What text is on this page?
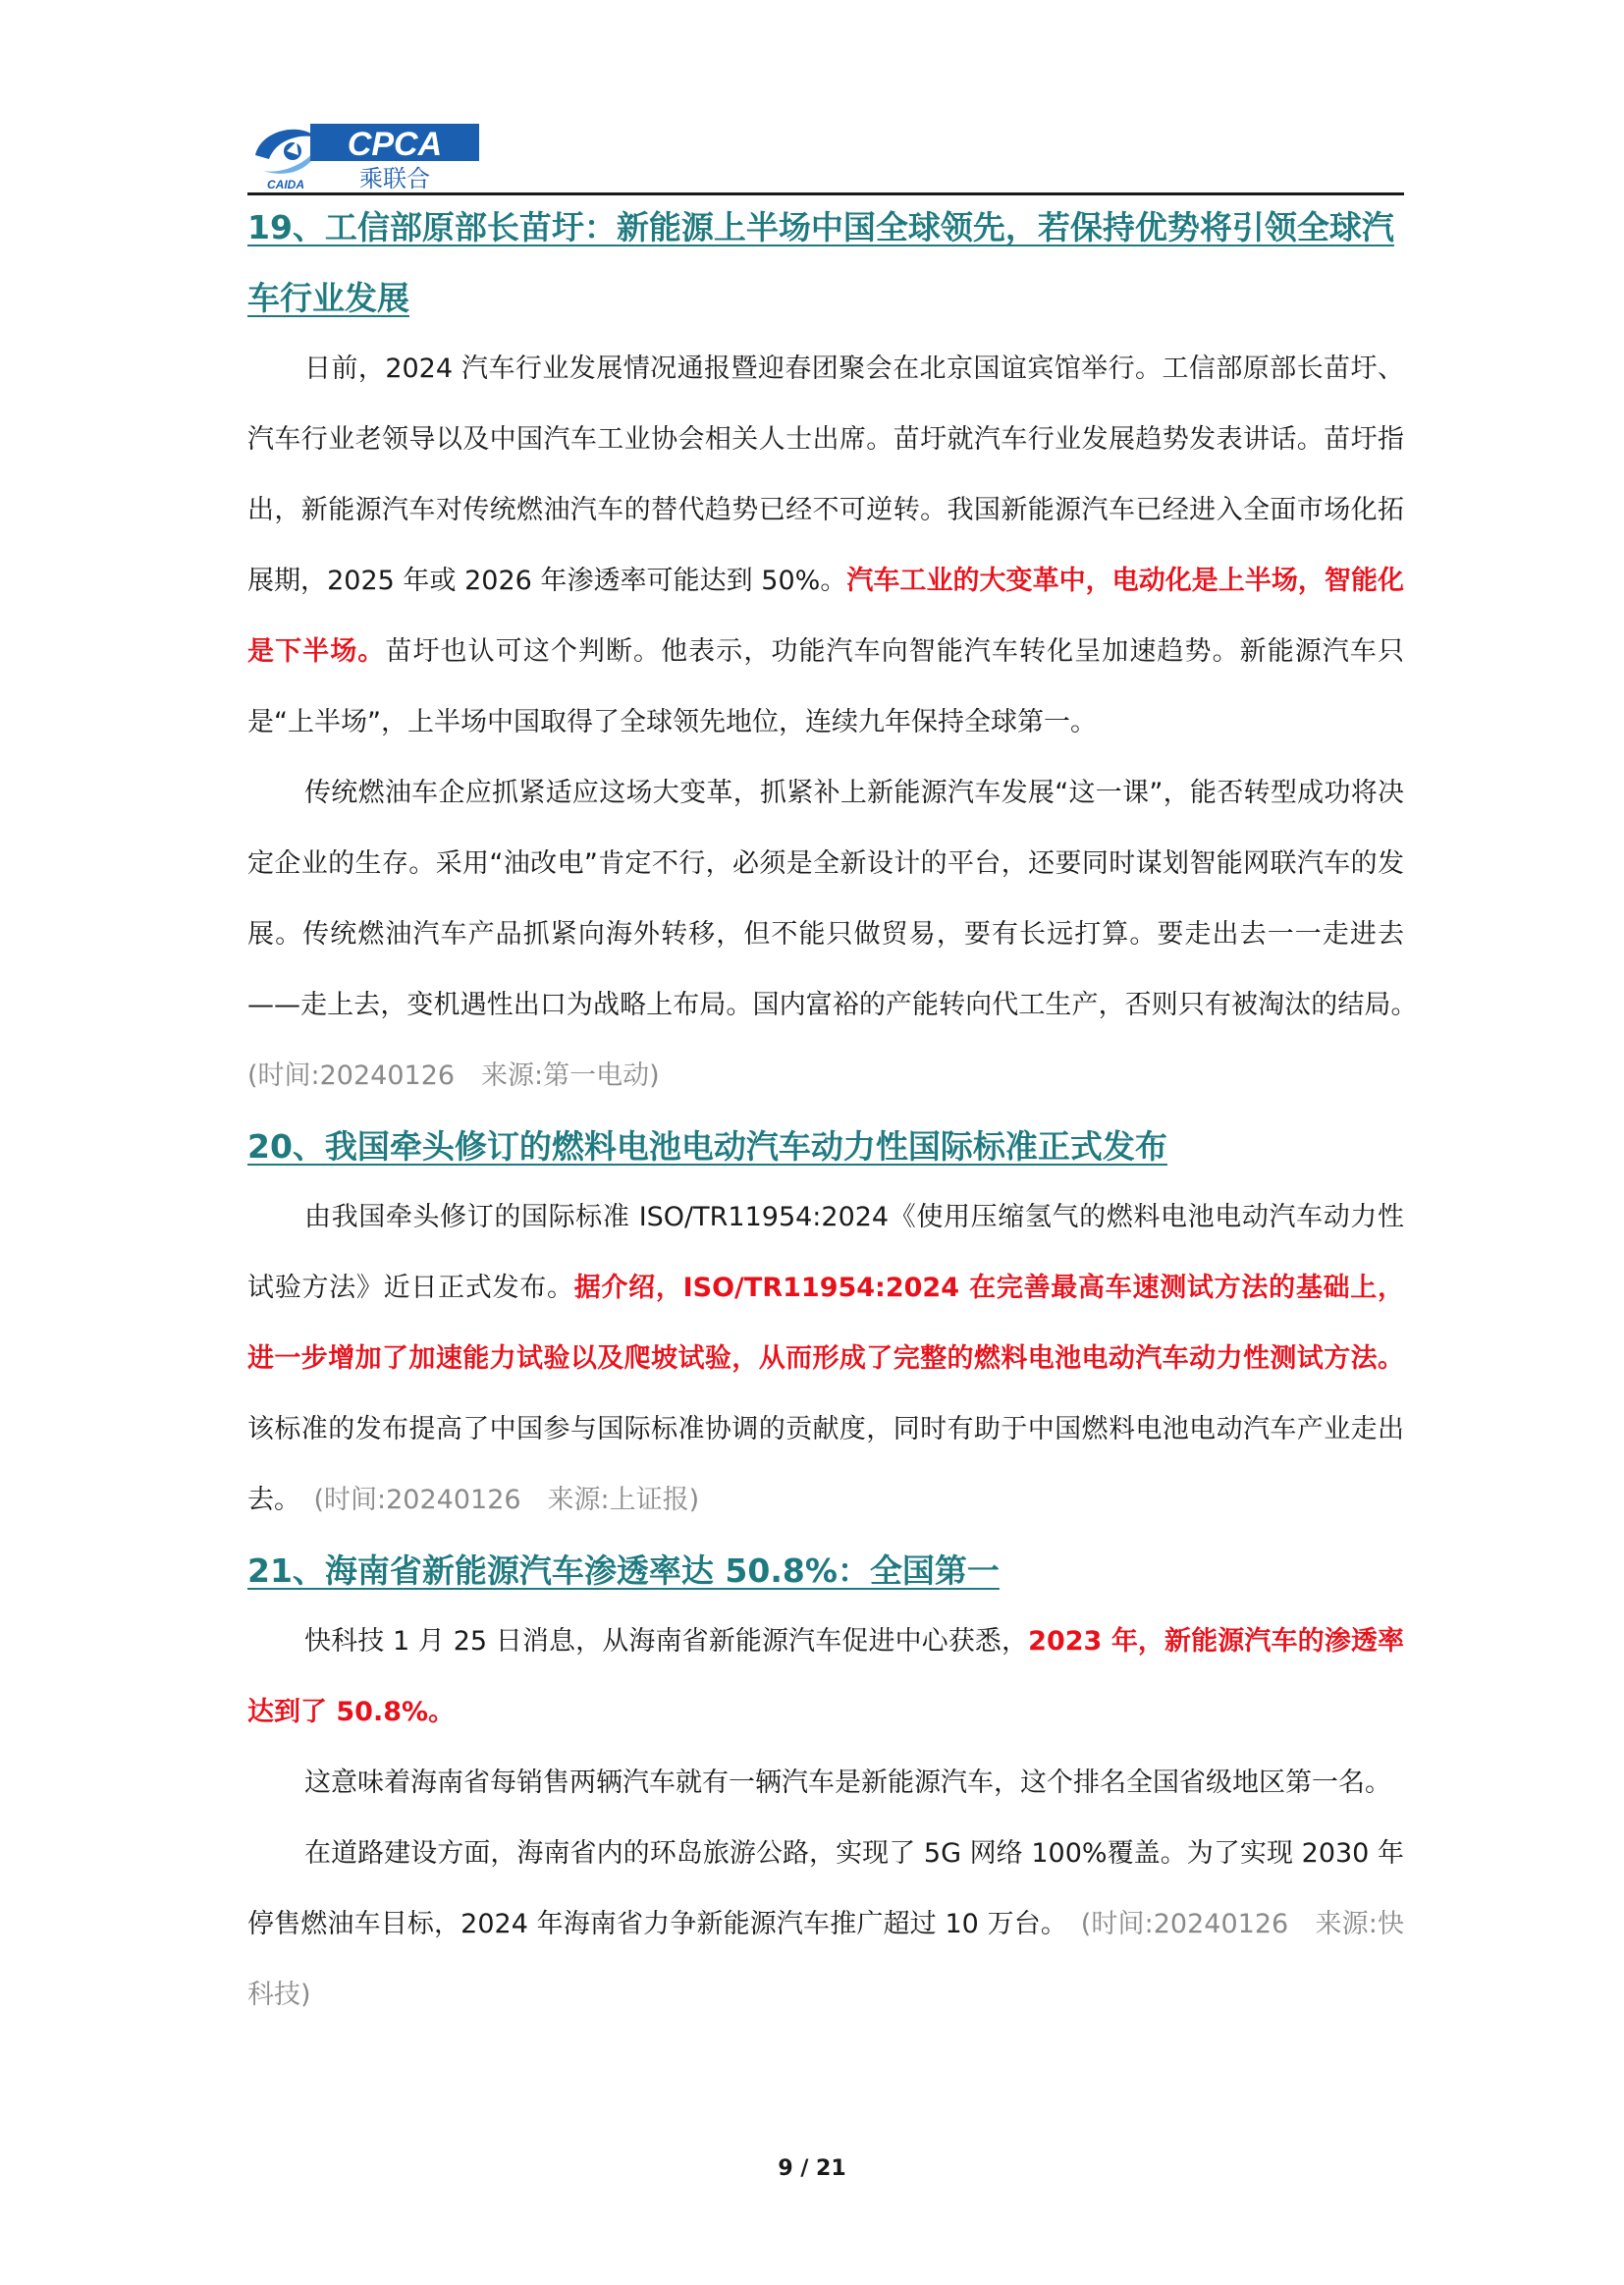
CPCA
乘联合
CAIDA
19、工信部原部长苗圩：新能源上半场中国全球领先，若保持优势将引领全球汽车行业发展

日前，2024 汽车行业发展情况通报暨迎春团聚会在北京国谊宾馆举行。工信部原部长苗圩、汽车行业老领导以及中国汽车工业协会相关人士出席。苗圩就汽车行业发展趋势发表讲话。苗圩指出，新能源汽车对传统燃油汽车的替代趋势已经不可逆转。我国新能源汽车已经进入全面市场化拓展期，2025 年或 2026 年渗透率可能达到 50%。汽车工业的大变革中，电动化是上半场，智能化是下半场。苗圩也认可这个判断。他表示，功能汽车向智能汽车转化呈加速趋势。新能源汽车只是“上半场”，上半场中国取得了全球领先地位，连续九年保持全球第一。

传统燃油车企应抓紧适应这场大变革，抓紧补上新能源汽车发展“这一课”，能否转型成功将决定企业的生存。采用“油改电”肯定不行，必须是全新设计的平台，还要同时谋划智能网联汽车的发展。传统燃油汽车产品抓紧向海外转移，但不能只做贸易，要有长远打算。要走出去一一走进去——走上去，变机遇性出口为战略上布局。国内富裕的产能转向代工生产，否则只有被淘汰的结局。　(时间:20240126　来源:第一电动)

20、我国牵头修订的燃料电池电动汽车动力性国际标准正式发布

由我国牵头修订的国际标准 ISO/TR11954:2024《使用压缩氢气的燃料电池电动汽车动力性试验方法》近日正式发布。据介绍，ISO/TR11954:2024 在完善最高车速测试方法的基础上，进一步增加了加速能力试验以及爬坡试验，从而形成了完整的燃料电池电动汽车动力性测试方法。该标准的发布提高了中国参与国际标准协调的贡献度，同时有助于中国燃料电池电动汽车产业走出去。　 (时间:20240126　来源:上证报)

21、海南省新能源汽车渗透率达 50.8%：全国第一

快科技 1 月 25 日消息，从海南省新能源汽车促进中心获悉，2023 年，新能源汽车的渗透率达到了 50.8%。

这意味着海南省每销售两辆汽车就有一辆汽车是新能源汽车，这个排名全国省级地区第一名。

在道路建设方面，海南省内的环岛旅游公路，实现了 5G 网络 100%覆盖。为了实现 2030 年停售燃油车目标，2024 年海南省力争新能源汽车推广超过 10 万台。　 (时间:20240126　来源:快科技)

9 / 21
